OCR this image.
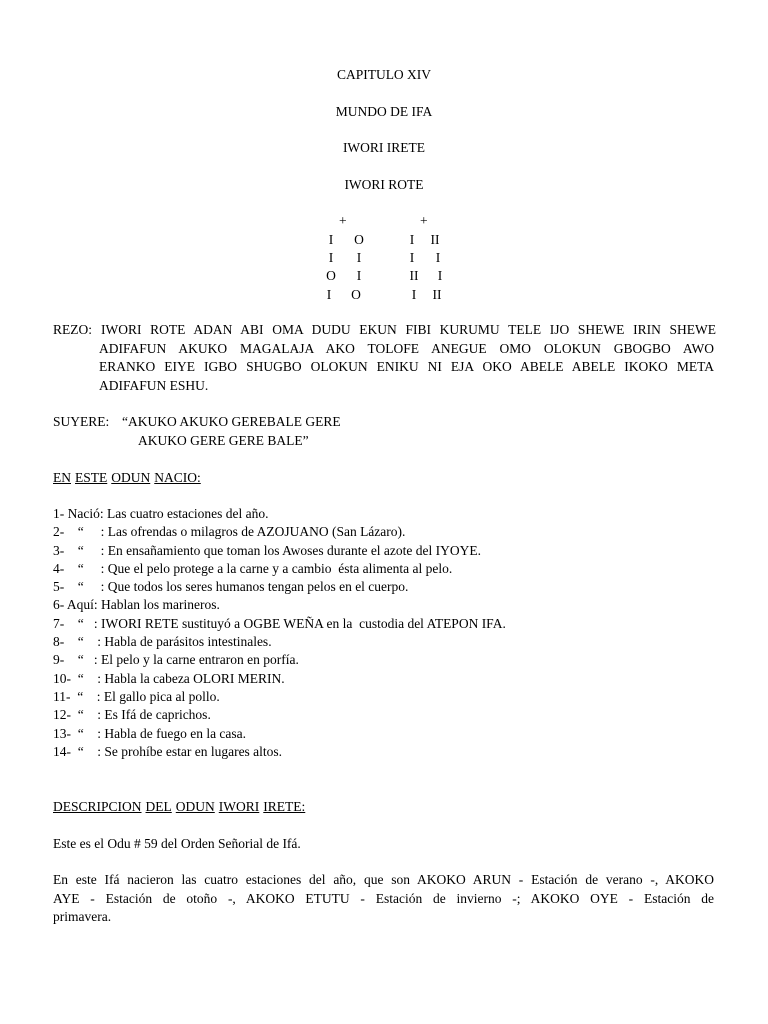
CAPITULO XIV
MUNDO DE IFA
IWORI IRETE
IWORI ROTE
+	+
I	O	I	II
I	I	I	I
O	I	II	I
I	O	I	II
REZO: IWORI ROTE ADAN ABI OMA DUDU EKUN FIBI KURUMU TELE IJO SHEWE IRIN SHEWE
ADIFAFUN AKUKO MAGALAJA AKO TOLOFE ANEGUE OMO OLOKUN GBOGBO AWO
ERANKO EIYE IGBO SHUGBO OLOKUN ENIKU NI EJA OKO ABELE ABELE IKOKO META
ADIFAFUN ESHU.
SUYERE: “AKUKO AKUKO GEREBALE GERE
AKUKO GERE GERE BALE”
EN ESTE ODUN NACIO:
1- Nació: Las cuatro estaciones del año.
2-    “     : Las ofrendas o milagros de AZOJUANO (San Lázaro).
3-    “     : En ensañamiento que toman los Awoses durante el azote del IYOYE.
4-    “     : Que el pelo protege a la carne y a cambio  ésta alimenta al pelo.
5-    “     : Que todos los seres humanos tengan pelos en el cuerpo.
6- Aquí: Hablan los marineros.
7-    “   : IWORI RETE sustituyó a OGBE WEÑA en la  custodia del ATEPON IFA.
8-    “    : Habla de parásitos intestinales.
9-    “   : El pelo y la carne entraron en porfía.
10-  “    : Habla la cabeza OLORI MERIN.
11-  “    : El gallo pica al pollo.
12-  “    : Es Ifá de caprichos.
13-  “    : Habla de fuego en la casa.
14-  “    : Se prohíbe estar en lugares altos.
DESCRIPCION DEL ODUN IWORI IRETE:
Este es el Odu # 59 del Orden Señorial de Ifá.
En este Ifá nacieron las cuatro estaciones del año, que son AKOKO ARUN - Estación de verano -, AKOKO
AYE - Estación de otoño -, AKOKO ETUTU - Estación de invierno -; AKOKO OYE - Estación de
primavera.
